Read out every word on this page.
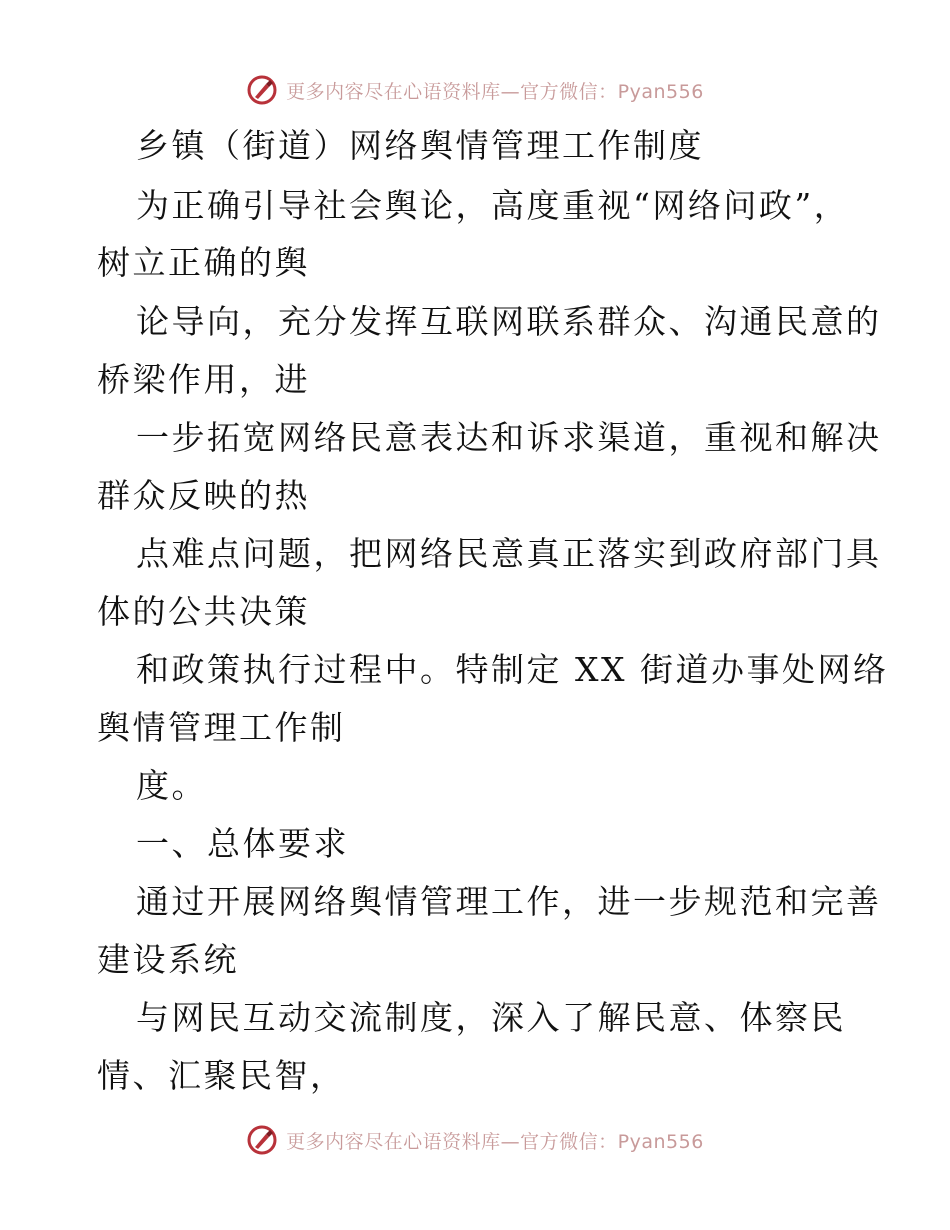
更多内容尽在心语资料库—官方微信：Pyan556
乡镇（街道）网络舆情管理工作制度
为正确引导社会舆论，高度重视“网络问政”，
树立正确的舆
论导向，充分发挥互联网联系群众、沟通民意的
桥梁作用，进
一步拓宽网络民意表达和诉求渠道，重视和解决
群众反映的热
点难点问题，把网络民意真正落实到政府部门具
体的公共决策
和政策执行过程中。特制定 XX 街道办事处网络
舆情管理工作制
度。
一、总体要求
通过开展网络舆情管理工作，进一步规范和完善
建设系统
与网民互动交流制度，深入了解民意、体察民
情、汇聚民智，
更多内容尽在心语资料库—官方微信：Pyan556
